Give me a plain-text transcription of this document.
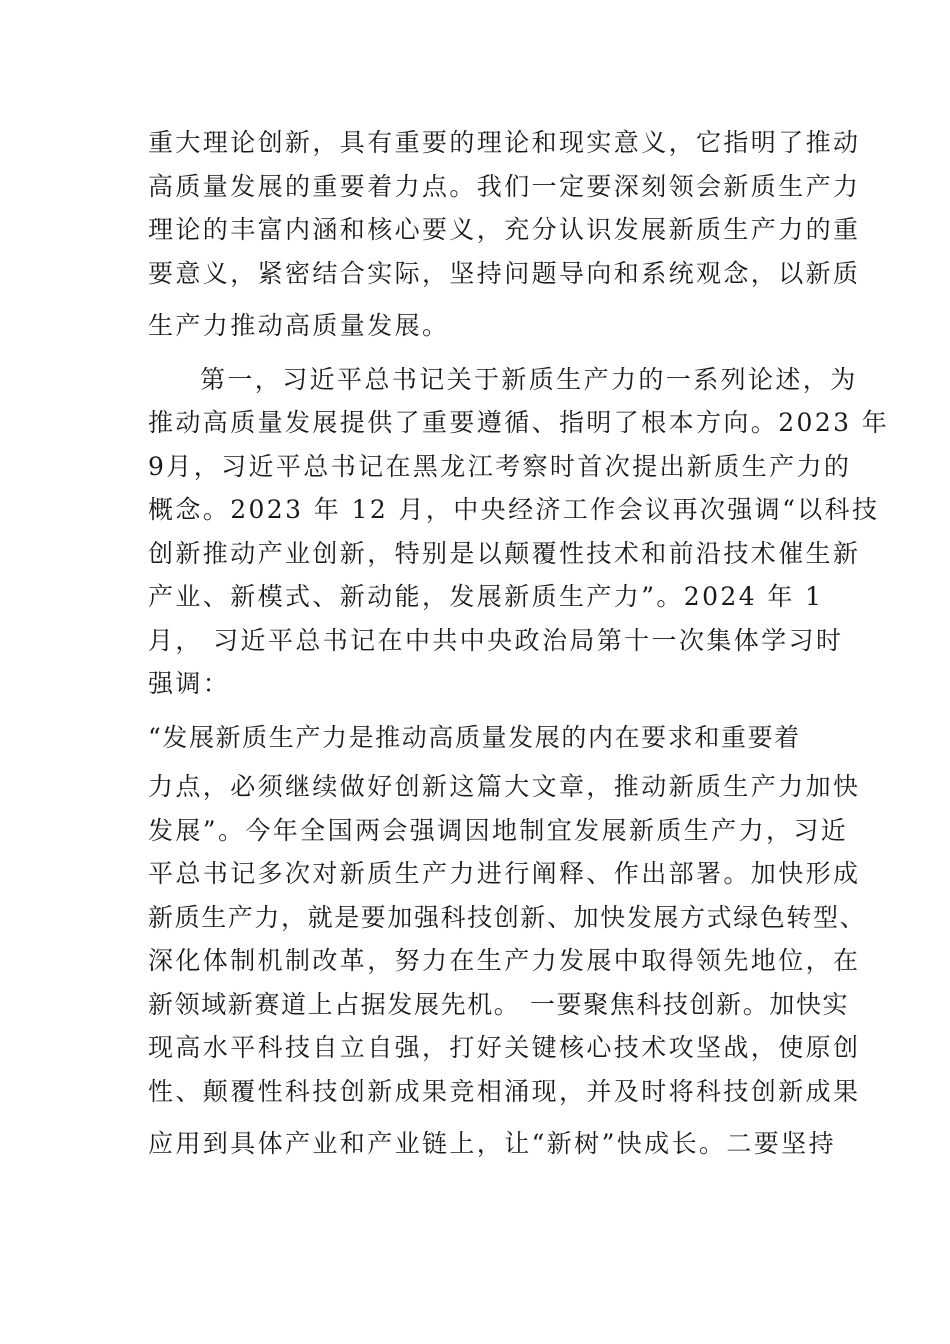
重大理论创新，具有重要的理论和现实意义，它指明了推动
高质量发展的重要着力点。我们一定要深刻领会新质生产力
理论的丰富内涵和核心要义，充分认识发展新质生产力的重
要意义，紧密结合实际，坚持问题导向和系统观念，以新质
生产力推动高质量发展。
第一，习近平总书记关于新质生产力的一系列论述，为
推动高质量发展提供了重要遵循、指明了根本方向。2023 年
9月，习近平总书记在黑龙江考察时首次提出新质生产力的
概念。2023 年 12 月，中央经济工作会议再次强调“以科技
创新推动产业创新，特别是以颠覆性技术和前沿技术催生新
产业、新模式、新动能，发展新质生产力”。2024 年 1
月， 习近平总书记在中共中央政治局第十一次集体学习时
强调：
“发展新质生产力是推动高质量发展的内在要求和重要着
力点，必须继续做好创新这篇大文章，推动新质生产力加快
发展”。今年全国两会强调因地制宜发展新质生产力，习近
平总书记多次对新质生产力进行阐释、作出部署。加快形成
新质生产力，就是要加强科技创新、加快发展方式绿色转型、
深化体制机制改革，努力在生产力发展中取得领先地位，在
新领域新赛道上占据发展先机。 一要聚焦科技创新。加快实
现高水平科技自立自强，打好关键核心技术攻坚战，使原创
性、颠覆性科技创新成果竞相涌现，并及时将科技创新成果
应用到具体产业和产业链上，让“新树”快成长。二要坚持
